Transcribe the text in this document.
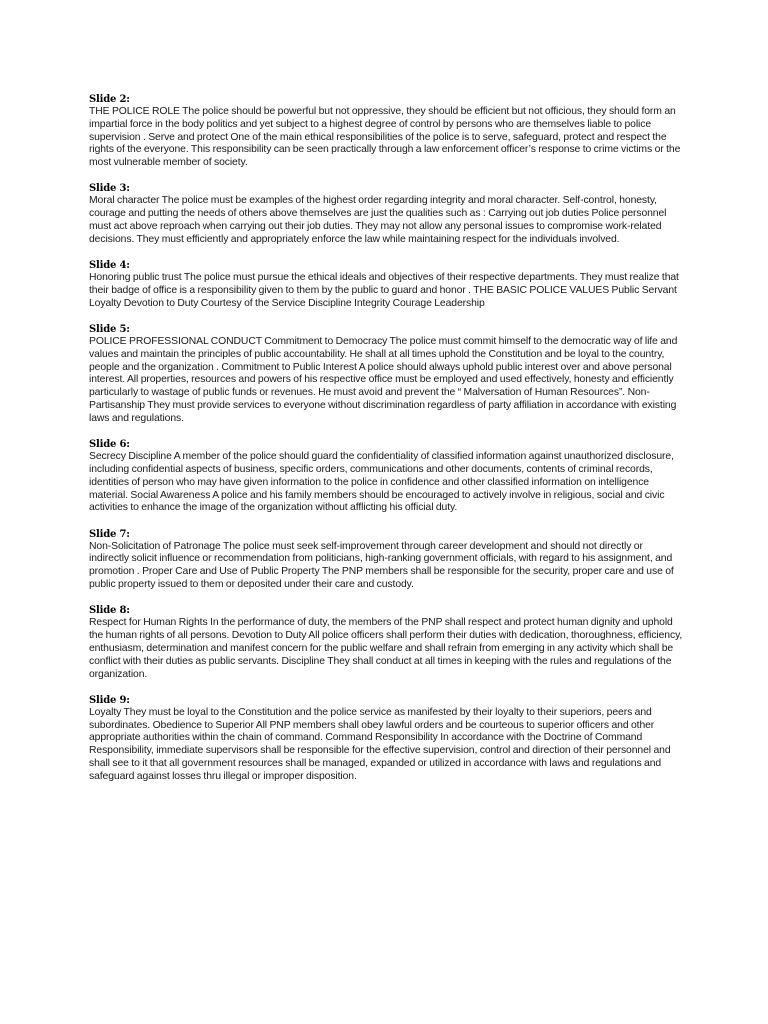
Slide 2:

THE POLICE ROLE The police should be powerful but not oppressive, they should be efficient but not officious, they should form an impartial force in the body politics and yet subject to a highest degree of control by persons who are themselves liable to police supervision . Serve and protect One of the main ethical responsibilities of the police is to serve, safeguard, protect and respect the rights of the everyone. This responsibility can be seen practically through a law enforcement officer’s response to crime victims or the most vulnerable member of society.

Slide 3:

Moral character The police must be examples of the highest order regarding integrity and moral character. Self-control, honesty, courage and putting the needs of others above themselves are just the qualities such as : Carrying out job duties Police personnel must act above reproach when carrying out their job duties. They may not allow any personal issues to compromise work-related decisions. They must efficiently and appropriately enforce the law while maintaining respect for the individuals involved.

Slide 4:

Honoring public trust The police must pursue the ethical ideals and objectives of their respective departments. They must realize that their badge of office is a responsibility given to them by the public to guard and honor . THE BASIC POLICE VALUES Public Servant Loyalty Devotion to Duty Courtesy of the Service Discipline Integrity Courage Leadership

Slide 5:

POLICE PROFESSIONAL CONDUCT Commitment to Democracy The police must commit himself to the democratic way of life and values and maintain the principles of public accountability. He shall at all times uphold the Constitution and be loyal to the country, people and the organization . Commitment to Public Interest A police should always uphold public interest over and above personal interest. All properties, resources and powers of his respective office must be employed and used effectively, honesty and efficiently particularly to wastage of public funds or revenues. He must avoid and prevent the “ Malversation of Human Resources”. Non-Partisanship They must provide services to everyone without discrimination regardless of party affiliation in accordance with existing laws and regulations.

Slide 6:

Secrecy Discipline A member of the police should guard the confidentiality of classified information against unauthorized disclosure, including confidential aspects of business, specific orders, communications and other documents, contents of criminal records, identities of person who may have given information to the police in confidence and other classified information on intelligence material. Social Awareness A police and his family members should be encouraged to actively involve in religious, social and civic activities to enhance the image of the organization without afflicting his official duty.

Slide 7:

Non-Solicitation of Patronage The police must seek self-improvement through career development and should not directly or indirectly solicit influence or recommendation from politicians, high-ranking government officials, with regard to his assignment, and promotion . Proper Care and Use of Public Property The PNP members shall be responsible for the security, proper care and use of public property issued to them or deposited under their care and custody.

Slide 8:

Respect for Human Rights In the performance of duty, the members of the PNP shall respect and protect human dignity and uphold the human rights of all persons. Devotion to Duty All police officers shall perform their duties with dedication, thoroughness, efficiency, enthusiasm, determination and manifest concern for the public welfare and shall refrain from emerging in any activity which shall be conflict with their duties as public servants. Discipline They shall conduct at all times in keeping with the rules and regulations of the organization.

Slide 9:

Loyalty They must be loyal to the Constitution and the police service as manifested by their loyalty to their superiors, peers and subordinates. Obedience to Superior All PNP members shall obey lawful orders and be courteous to superior officers and other appropriate authorities within the chain of command. Command Responsibility In accordance with the Doctrine of Command Responsibility, immediate supervisors shall be responsible for the effective supervision, control and direction of their personnel and shall see to it that all government resources shall be managed, expanded or utilized in accordance with laws and regulations and safeguard against losses thru illegal or improper disposition.
